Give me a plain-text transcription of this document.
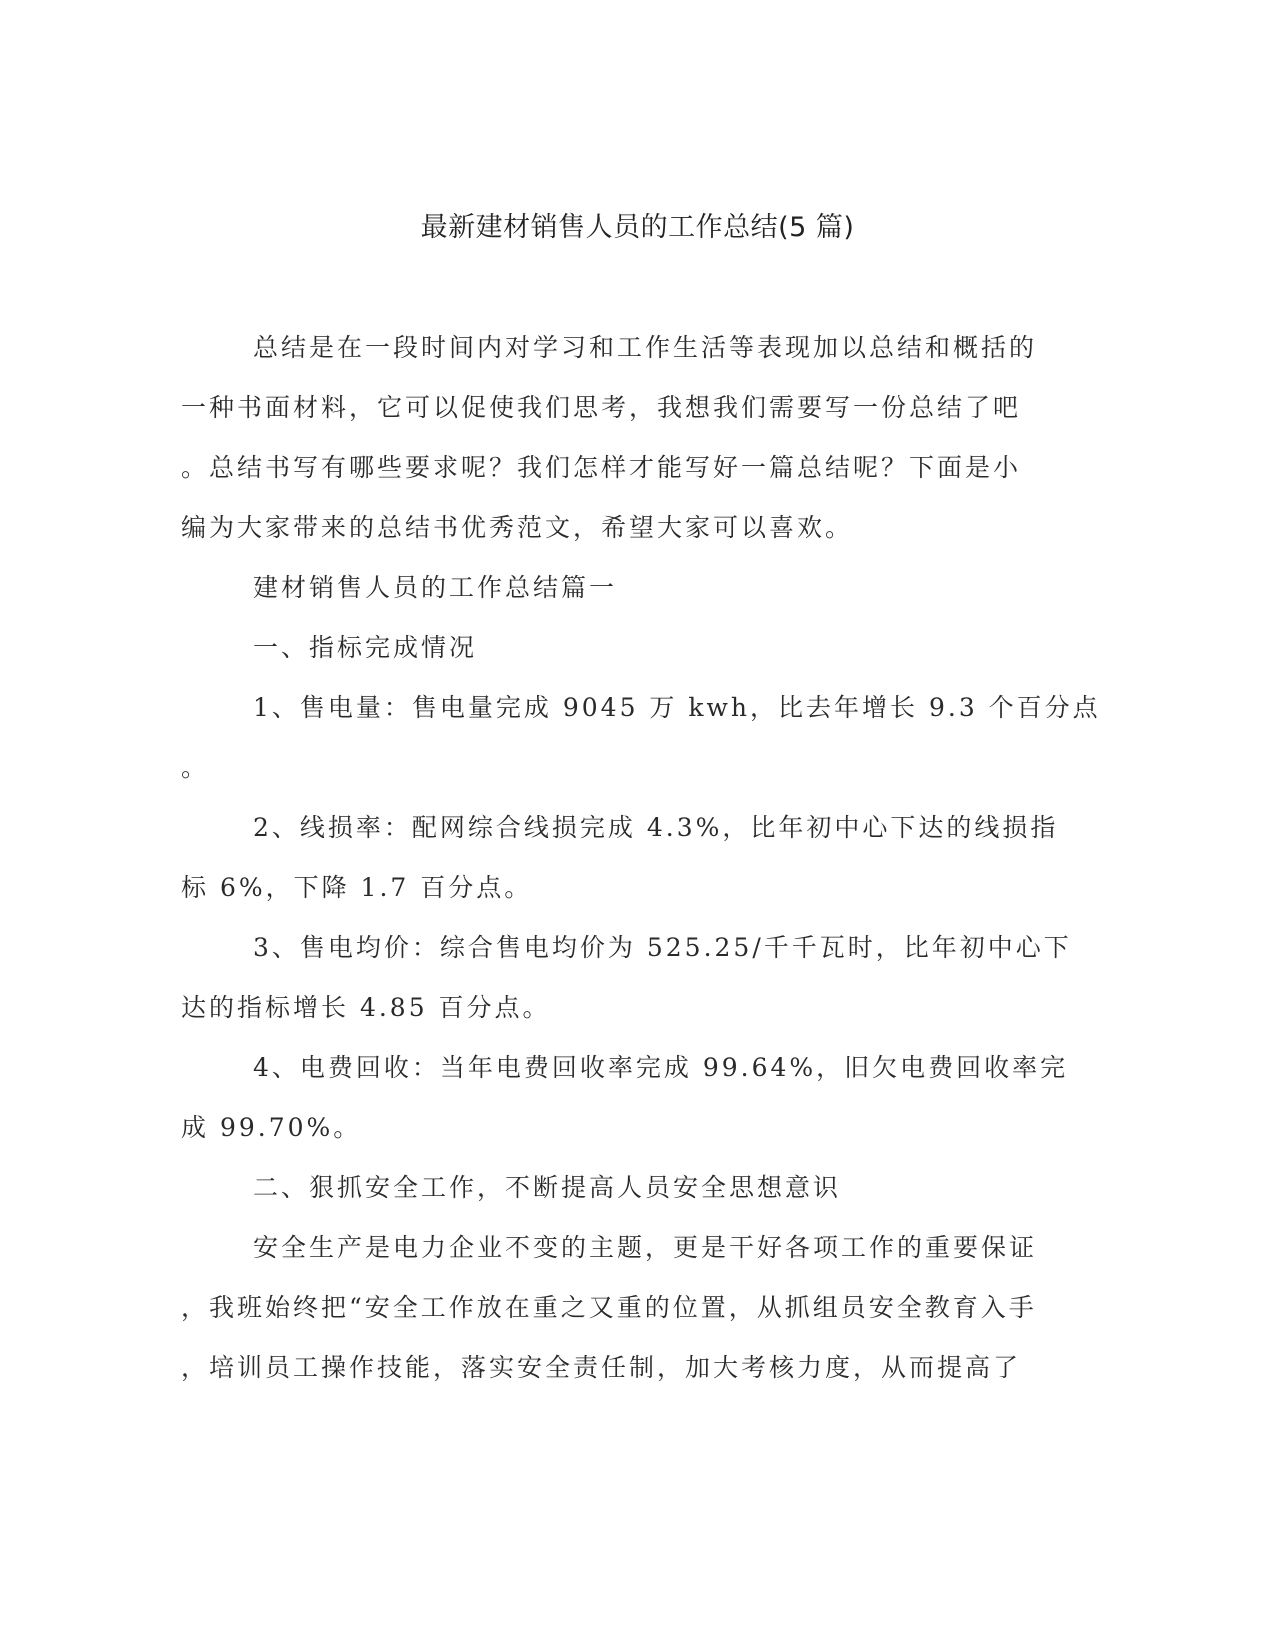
最新建材销售人员的工作总结(5 篇)
总结是在一段时间内对学习和工作生活等表现加以总结和概括的
一种书面材料，它可以促使我们思考，我想我们需要写一份总结了吧
。总结书写有哪些要求呢？我们怎样才能写好一篇总结呢？下面是小
编为大家带来的总结书优秀范文，希望大家可以喜欢。
建材销售人员的工作总结篇一
一、指标完成情况
1、售电量：售电量完成 9045 万 kwh，比去年增长 9.3 个百分点
。
2、线损率：配网综合线损完成 4.3%，比年初中心下达的线损指
标 6%，下降 1.7 百分点。
3、售电均价：综合售电均价为 525.25/千千瓦时，比年初中心下
达的指标增长 4.85 百分点。
4、电费回收：当年电费回收率完成 99.64%，旧欠电费回收率完
成 99.70%。
二、狠抓安全工作，不断提高人员安全思想意识
安全生产是电力企业不变的主题，更是干好各项工作的重要保证
，我班始终把“安全工作放在重之又重的位置，从抓组员安全教育入手
，培训员工操作技能，落实安全责任制，加大考核力度，从而提高了
